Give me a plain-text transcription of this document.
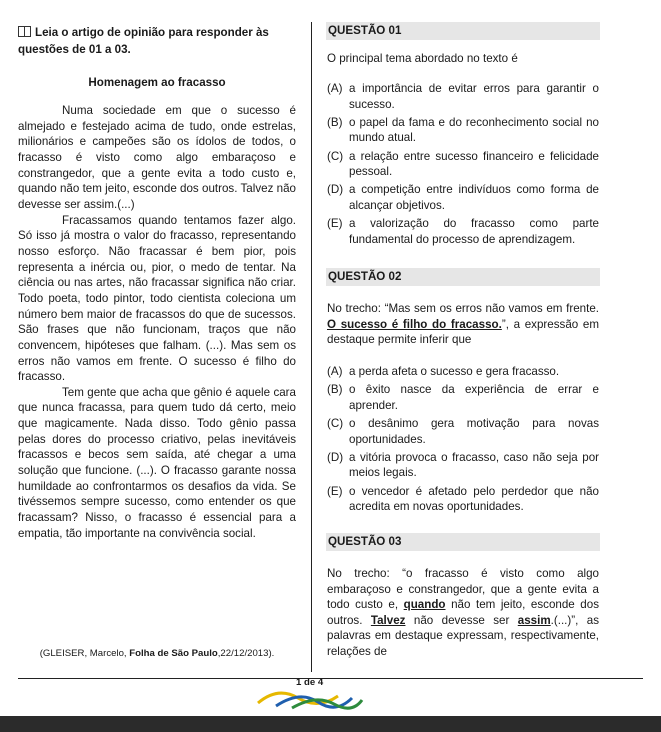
Leia o artigo de opinião para responder às questões de 01 a 03.
Homenagem ao fracasso

Numa sociedade em que o sucesso é almejado e festejado acima de tudo, onde estrelas, milionários e campeões são os ídolos de todos, o fracasso é visto como algo embaraçoso e constrangedor, que a gente evita a todo custo e, quando não tem jeito, esconde dos outros. Talvez não devesse ser assim.(...)

Fracassamos quando tentamos fazer algo. Só isso já mostra o valor do fracasso, representando nosso esforço. Não fracassar é bem pior, pois representa a inércia ou, pior, o medo de tentar. Na ciência ou nas artes, não fracassar significa não criar. Todo poeta, todo pintor, todo cientista coleciona um número bem maior de fracassos do que de sucessos. São frases que não funcionam, traços que não convencem, hipóteses que falham. (...). Mas sem os erros não vamos em frente. O sucesso é filho do fracasso.

Tem gente que acha que gênio é aquele cara que nunca fracassa, para quem tudo dá certo, meio que magicamente. Nada disso. Todo gênio passa pelas dores do processo criativo, pelas inevitáveis fracassos e becos sem saída, até chegar a uma solução que funcione. (...). O fracasso garante nossa humildade ao confrontarmos os desafios da vida. Se tivéssemos sempre sucesso, como entender os que fracassam? Nisso, o fracasso é essencial para a empatia, tão importante na convivência social.

(GLEISER, Marcelo, Folha de São Paulo,22/12/2013).
QUESTÃO 01
O principal tema abordado no texto é
(A) a importância de evitar erros para garantir o sucesso.
(B) o papel da fama e do reconhecimento social no mundo atual.
(C) a relação entre sucesso financeiro e felicidade pessoal.
(D) a competição entre indivíduos como forma de alcançar objetivos.
(E) a valorização do fracasso como parte fundamental do processo de aprendizagem.
QUESTÃO 02
No trecho: “Mas sem os erros não vamos em frente. O sucesso é filho do fracasso.”, a expressão em destaque permite inferir que
(A) a perda afeta o sucesso e gera fracasso.
(B) o êxito nasce da experiência de errar e aprender.
(C) o desânimo gera motivação para novas oportunidades.
(D) a vitória provoca o fracasso, caso não seja por meios legais.
(E) o vencedor é afetado pelo perdedor que não acredita em novas oportunidades.
QUESTÃO 03
No trecho: “o fracasso é visto como algo embaraçoso e constrangedor, que a gente evita a todo custo e, quando não tem jeito, esconde dos outros. Talvez não devesse ser assim.(...)”, as palavras em destaque expressam, respectivamente, relações de
1 de 4
